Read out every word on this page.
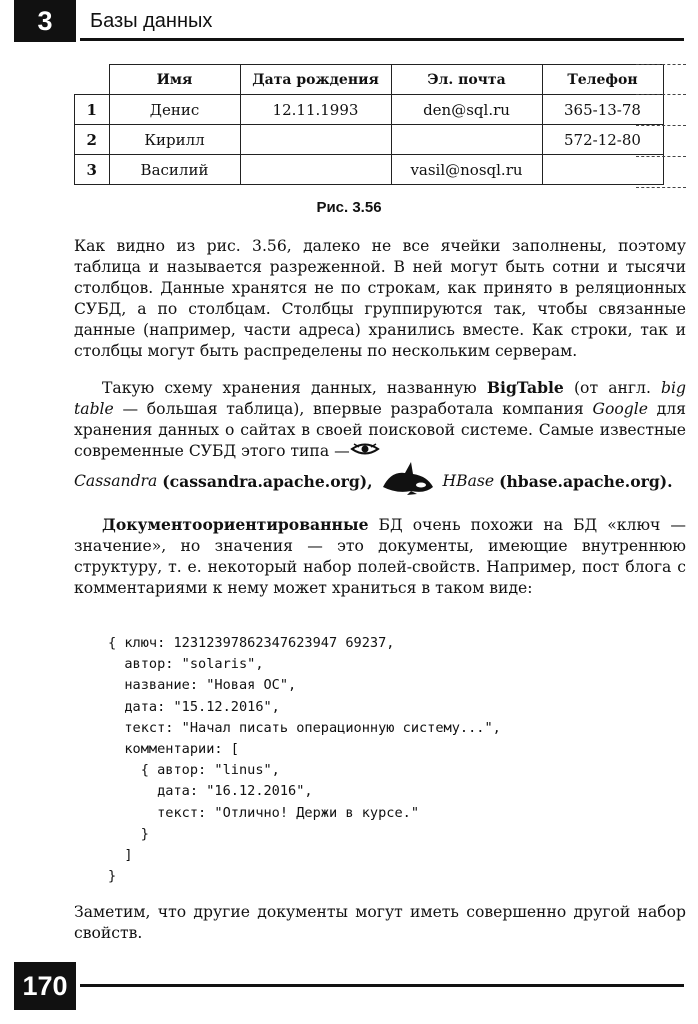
3	Базы данных
	Имя	Дата рождения	Эл. почта	Телефон
1	Денис	12.11.1993	den@sql.ru	365-13-78
2	Кирилл			572-12-80
3	Василий		vasil@nosql.ru	
Рис. 3.56
Как видно из рис. 3.56, далеко не все ячейки заполнены, поэтому таблица и называется разреженной. В ней могут быть сотни и тысячи столбцов. Данные хранятся не по строкам, как принято в реляционных СУБД, а по столбцам. Столбцы группируются так, чтобы связанные данные (например, части адреса) хранились вместе. Как строки, так и столбцы могут быть распределены по нескольким серверам.
Такую схему хранения данных, названную BigTable (от англ. big table — большая таблица), впервые разработала компания Google для хранения данных о сайтах в своей поисковой системе. Самые известные современные СУБД этого типа —
Cassandra
(cassandra.apache.org),	HBase
(hbase.apache.org).
Документоориентированные БД очень похожи на БД «ключ — значение», но значения — это документы, имеющие внутреннюю структуру, т. е. некоторый набор полей-свойств. Например, пост блога с комментариями к нему может храниться в таком виде:
{ ключ: 12312397862347623947 69237,
автор: "solaris",
название: "Новая ОС",
дата: "15.12.2016",
текст: "Начал писать операционную систему...",
комментарии: [
{ автор: "linus",
дата: "16.12.2016",
текст: "Отлично! Держи в курсе."
}
]
}
Заметим, что другие документы могут иметь совершенно другой набор свойств.
170
